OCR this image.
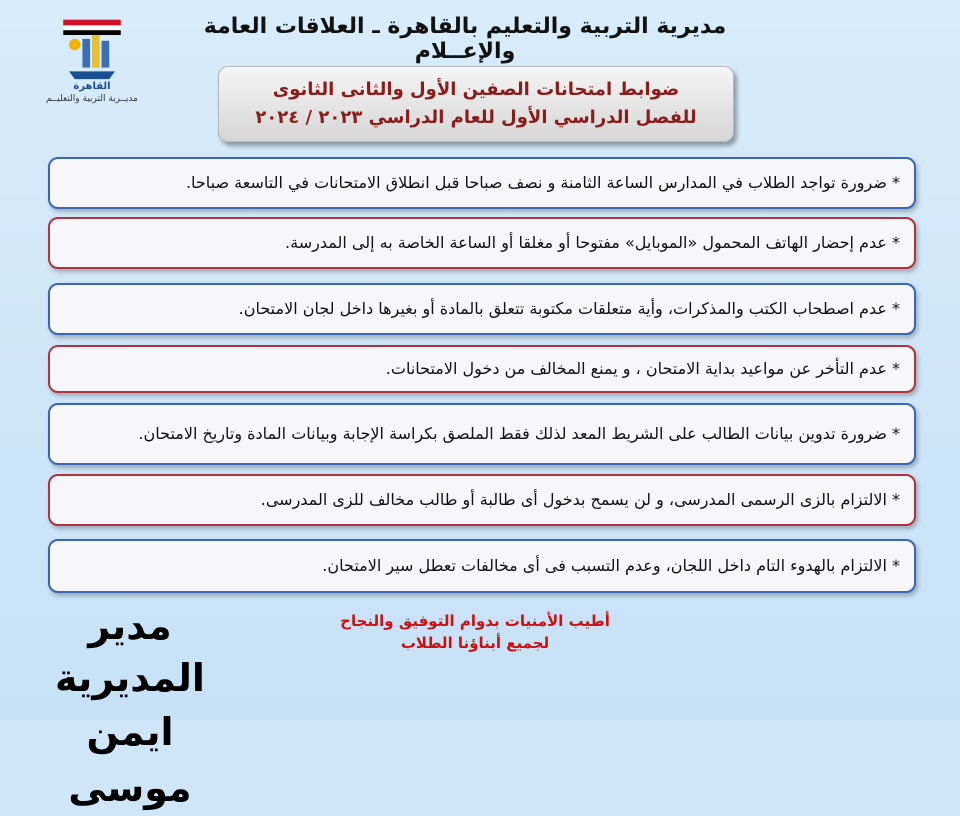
القاهرة
مديــرية التربية والتعليــم
مديرية التربية والتعليم بالقاهرة ـ العلاقات العامة والإعــلام
ضوابط امتحانات الصفين الأول والثانى الثانوى
للفصل الدراسي الأول للعام الدراسي ٢٠٢٣ / ٢٠٢٤
* ضرورة تواجد الطلاب في المدارس الساعة الثامنة و نصف صباحا قبل انطلاق الامتحانات في التاسعة صباحا.
* عدم إحضار الهاتف المحمول «الموبايل» مفتوحا أو مغلقا أو الساعة الخاصة به إلى المدرسة.
* عدم اصطحاب الكتب والمذكرات، وأية متعلقات مكتوبة تتعلق بالمادة أو بغيرها داخل لجان الامتحان.
* عدم التأخر عن مواعيد بداية الامتحان ، و يمنع المخالف من دخول الامتحانات.
* ضرورة تدوين بيانات الطالب على الشريط المعد لذلك فقط الملصق بكراسة الإجابة وبيانات المادة وتاريخ الامتحان.
* الالتزام بالزى الرسمى المدرسى، و لن يسمح بدخول أى طالبة أو طالب مخالف للزى المدرسى.
* الالتزام بالهدوء التام داخل اللجان، وعدم التسبب فى أى مخالفات تعطل سير الامتحان.
مدير المديرية
ايمن موسى
أطيب الأمنيات بدوام التوفيق والنجاح
لجميع أبناؤنا الطلاب
